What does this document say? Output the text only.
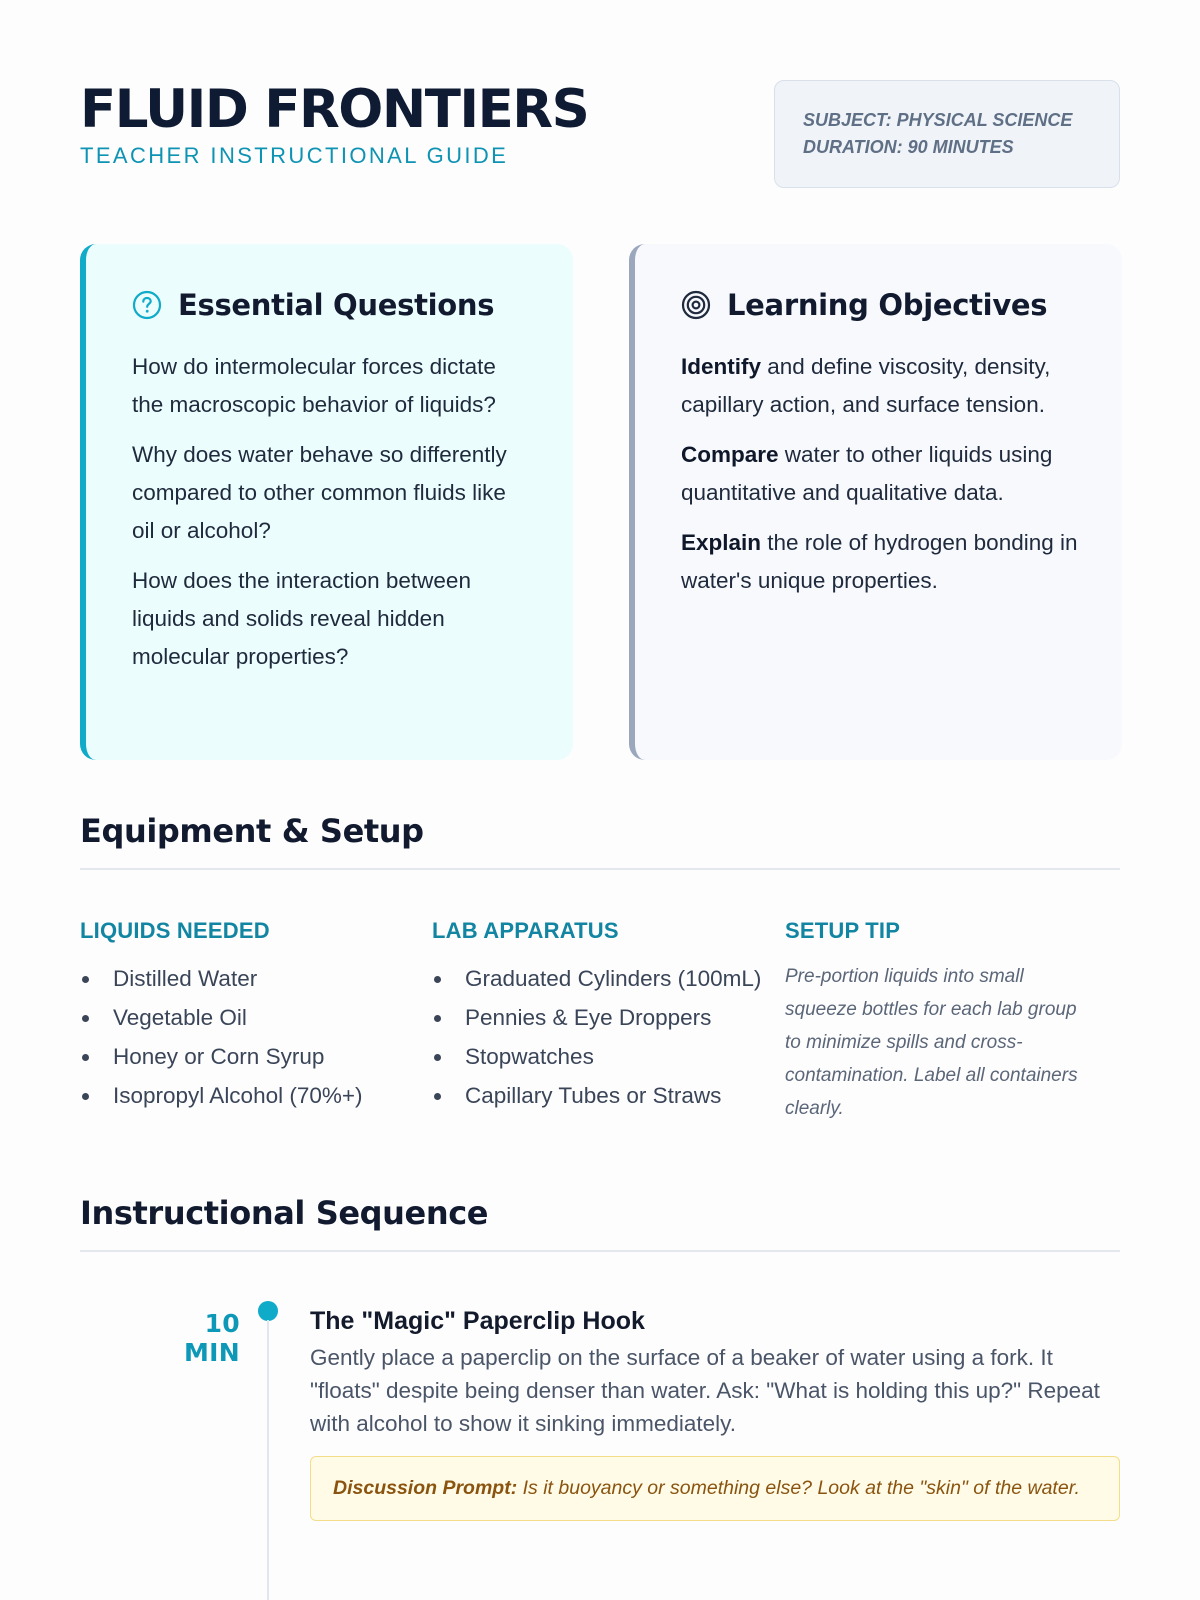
FLUID FRONTIERS
TEACHER INSTRUCTIONAL GUIDE
SUBJECT: PHYSICAL SCIENCE
DURATION: 90 MINUTES
Essential Questions

How do intermolecular forces dictate the macroscopic behavior of liquids?

Why does water behave so differently compared to other common fluids like oil or alcohol?

How does the interaction between liquids and solids reveal hidden molecular properties?

Learning Objectives

Identify and define viscosity, density, capillary action, and surface tension.

Compare water to other liquids using quantitative and qualitative data.

Explain the role of hydrogen bonding in water's unique properties.

Equipment & Setup
LIQUIDS NEEDED
Distilled Water
Vegetable Oil
Honey or Corn Syrup
Isopropyl Alcohol (70%+)
LAB APPARATUS
Graduated Cylinders (100mL)
Pennies & Eye Droppers
Stopwatches
Capillary Tubes or Straws
SETUP TIP

Pre-portion liquids into small squeeze bottles for each lab group to minimize spills and cross-contamination. Label all containers clearly.

Instructional Sequence
10 MIN
The "Magic" Paperclip Hook
Gently place a paperclip on the surface of a beaker of water using a fork. It "floats" despite being denser than water. Ask: "What is holding this up?" Repeat with alcohol to show it sinking immediately.
Discussion Prompt: Is it buoyancy or something else? Look at the "skin" of the water.
